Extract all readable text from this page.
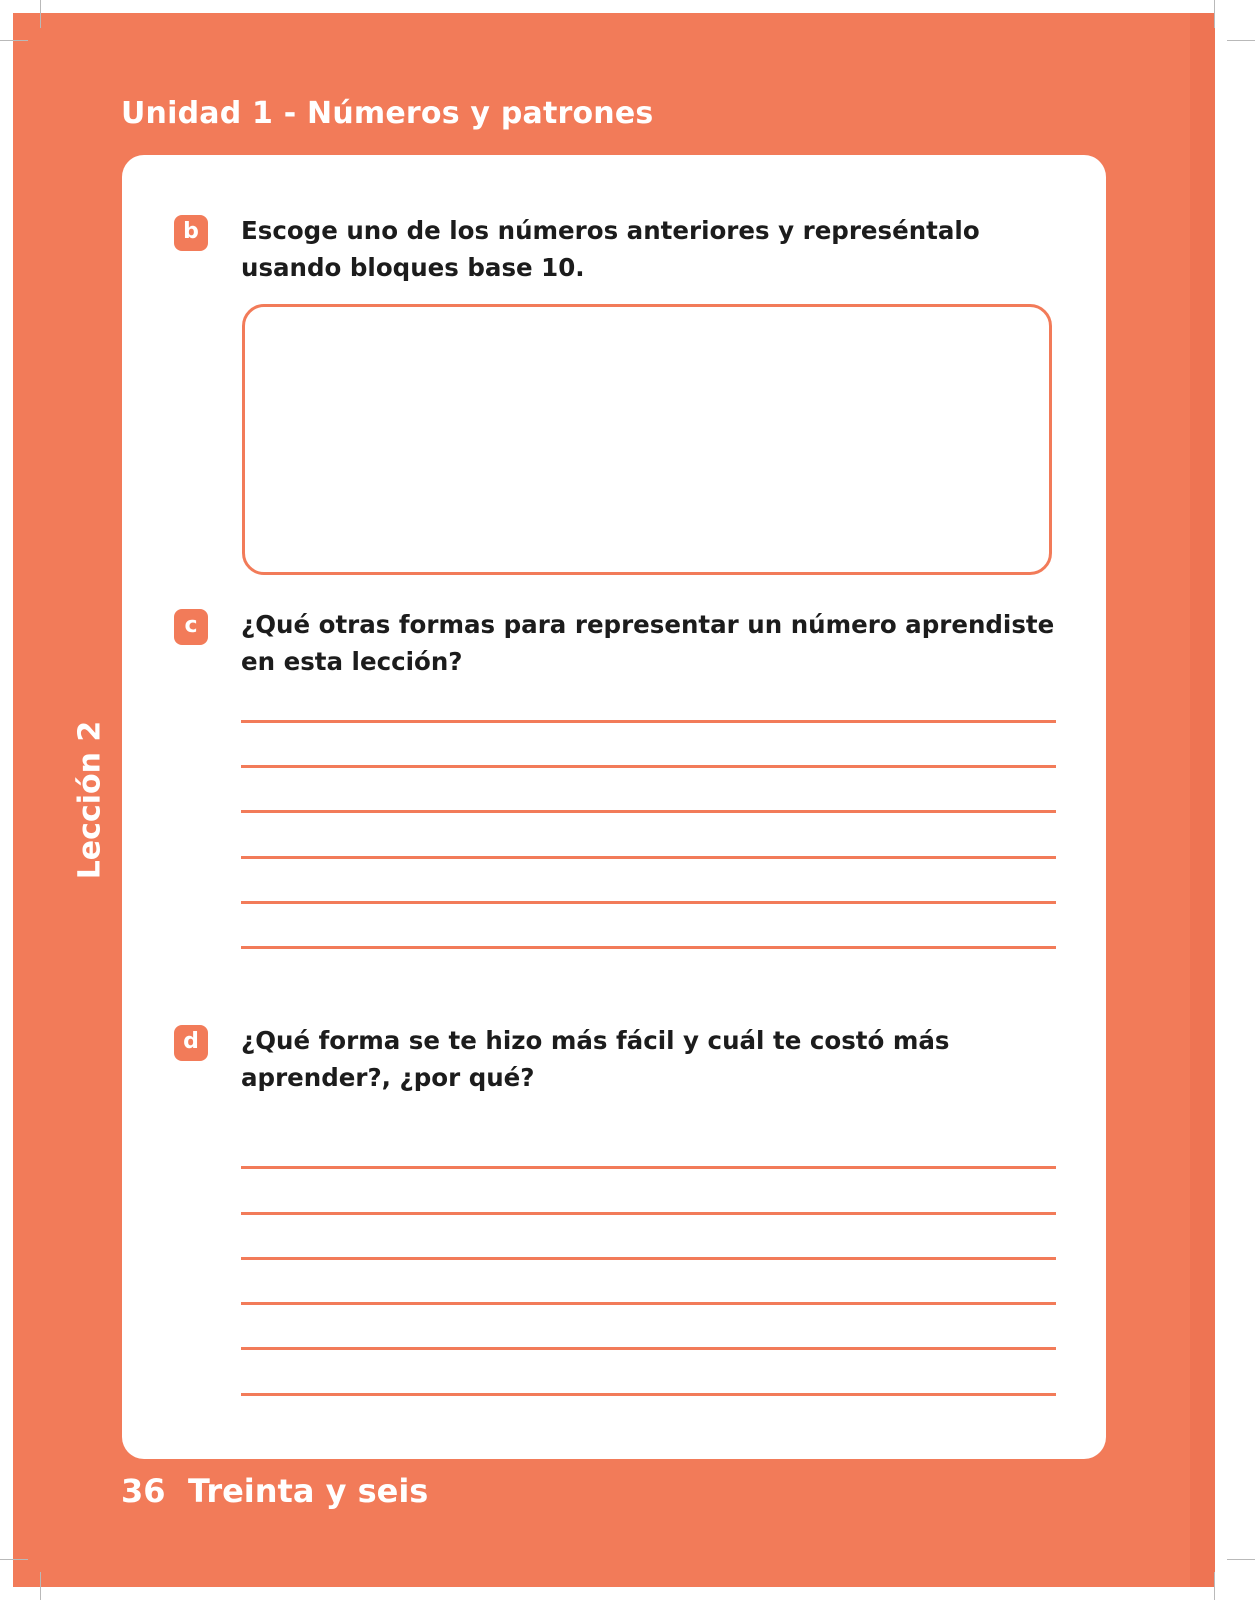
Unidad 1 - Números y patrones
Lección 2
b	Escoge uno de los números anteriores y represéntalo
usando bloques base 10.
c	¿Qué otras formas para representar un número aprendiste
en esta lección?
d	¿Qué forma se te hizo más fácil y cuál te costó más
aprender?, ¿por qué?
36 Treinta y seis
